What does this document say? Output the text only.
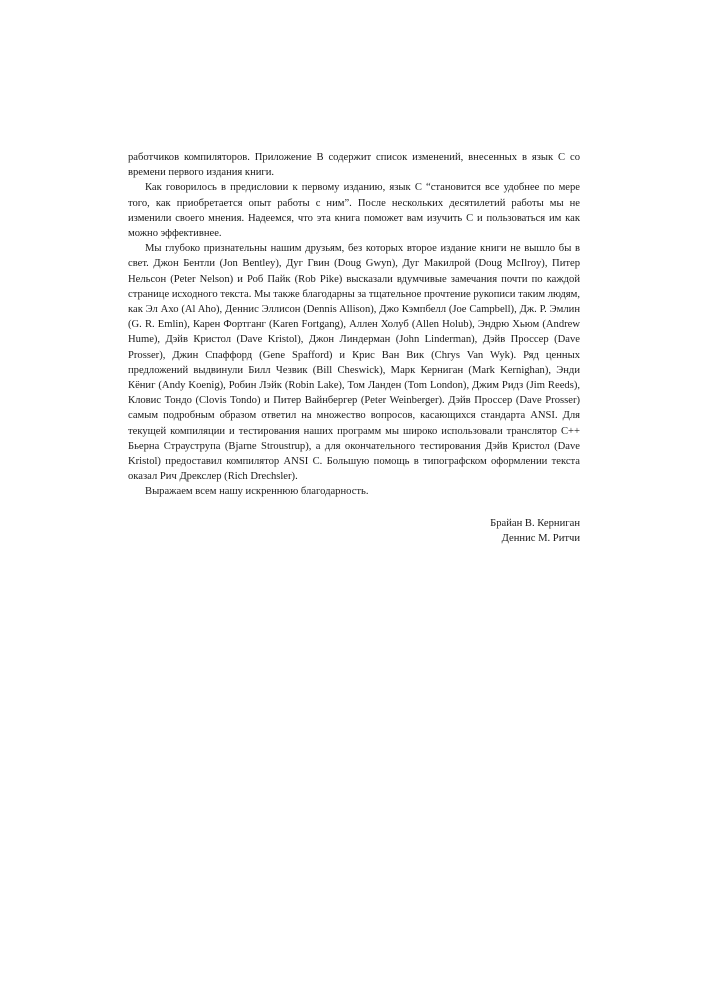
работчиков компиляторов. Приложение В содержит список изменений, внесенных в язык С со времени первого издания книги.

Как говорилось в предисловии к первому изданию, язык С “становится все удобнее по мере того, как приобретается опыт работы с ним”. После нескольких десятилетий работы мы не изменили своего мнения. Надеемся, что эта книга поможет вам изучить С и пользоваться им как можно эффективнее.

Мы глубоко признательны нашим друзьям, без которых второе издание книги не вышло бы в свет. Джон Бентли (Jon Bentley), Дуг Гвин (Doug Gwyn), Дуг Макилрой (Doug McIlroy), Питер Нельсон (Peter Nelson) и Роб Пайк (Rob Pike) высказали вдумчивые замечания почти по каждой странице исходного текста. Мы также благодарны за тщательное прочтение рукописи таким людям, как Эл Ахо (Al Aho), Деннис Эллисон (Dennis Allison), Джо Кэмпбелл (Joe Campbell), Дж. Р. Эмлин (G. R. Emlin), Карен Фортганг (Karen Fortgang), Аллен Холуб (Allen Holub), Эндрю Хьюм (Andrew Hume), Дэйв Кристол (Dave Kristol), Джон Линдерман (John Linderman), Дэйв Проссер (Dave Prosser), Джин Спаффорд (Gene Spafford) и Крис Ван Вик (Chrys Van Wyk). Ряд ценных предложений выдвинули Билл Чезвик (Bill Cheswick), Марк Керниган (Mark Kernighan), Энди Кёниг (Andy Koenig), Робин Лэйк (Robin Lake), Том Ланден (Tom London), Джим Ридз (Jim Reeds), Кловис Тондо (Clovis Tondo) и Питер Вайнбергер (Peter Weinberger). Дэйв Проссер (Dave Prosser) самым подробным образом ответил на множество вопросов, касающихся стандарта ANSI. Для текущей компиляции и тестирования наших программ мы широко использовали транслятор С++ Бьерна Страуструпа (Bjarne Stroustrup), а для окончательного тестирования Дэйв Кристол (Dave Kristol) предоставил компилятор ANSI C. Большую помощь в типографском оформлении текста оказал Рич Дрекслер (Rich Drechsler).

Выражаем всем нашу искреннюю благодарность.

Брайан В. Керниган
Деннис М. Ритчи
